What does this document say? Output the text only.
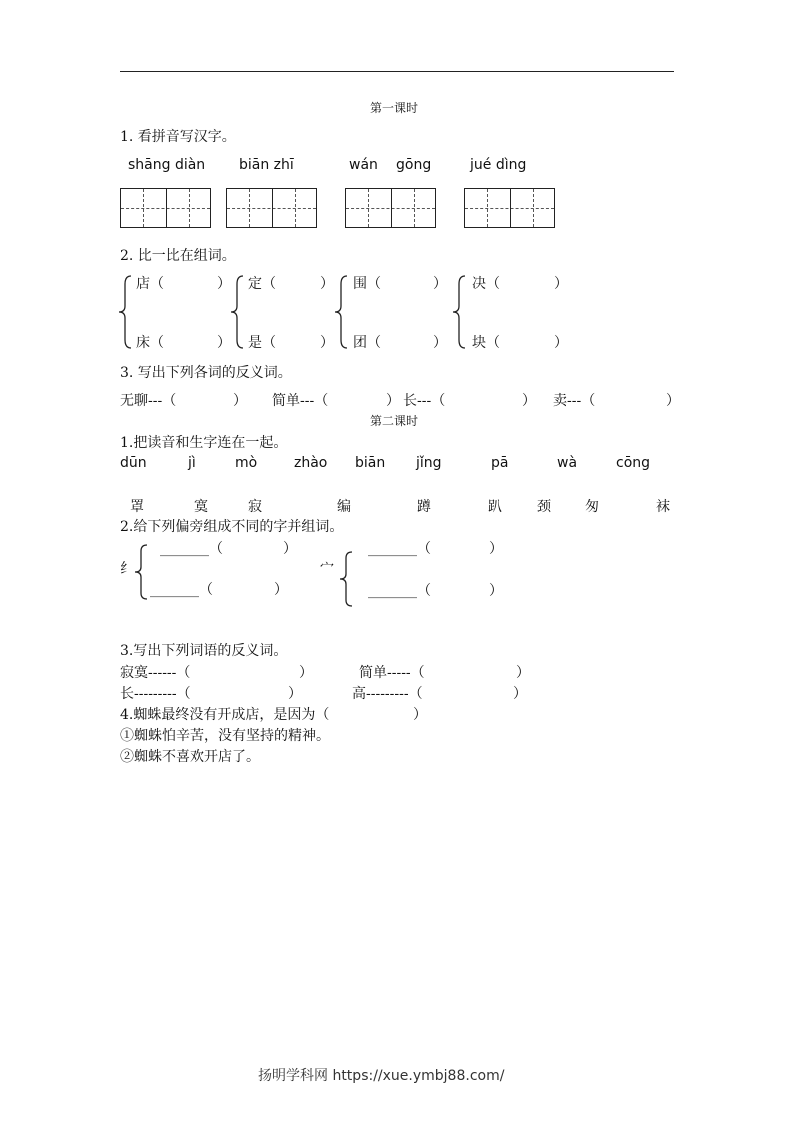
第一课时
1. 看拼音写汉字。
shāng diàn biān zhī	wán gōng	jué dìng
2. 比一比在组词。
店（	） 定（	） 围（	） 决（	）
床（	） 是（	） 团（	） 块（	）
3. 写出下列各词的反义词。
无聊---（	） 简单---（	） 长---（	） 卖---（	）
第二课时
1.把读音和生字连在一起。
dūn	jì	mò	zhào biān jǐng	pā	wà	cōng
罩	寞	寂	编	蹲	趴	颈 匆	袜
2.给下列偏旁组成不同的字并组词。
纟
_______（	）
_______（	）
宀
_______（	）
_______（	）
3.写出下列词语的反义词。
寂寞------（	）	简单-----（	）
长---------（	）	高---------（	）
4.蜘蛛最终没有开成店，是因为（	）
①蜘蛛怕辛苦，没有坚持的精神。
②蜘蛛不喜欢开店了。
扬明学科网 https://xue.ymbj88.com/
